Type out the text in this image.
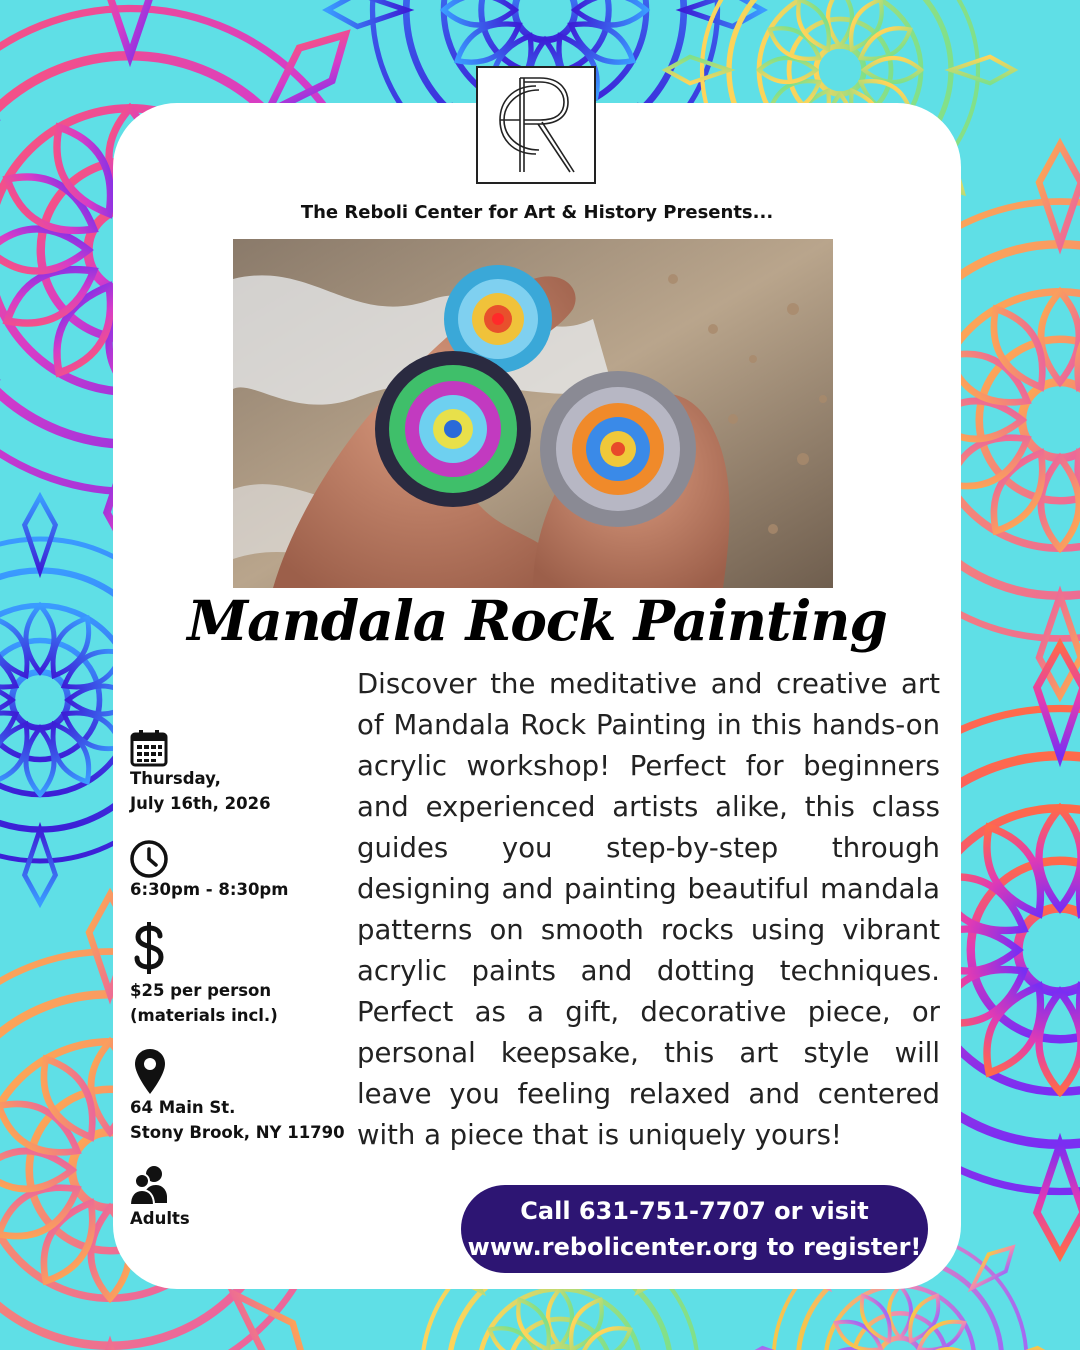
The Reboli Center for Art & History Presents...
Mandala Rock Painting

Discover the meditative and creative art of Mandala Rock Painting in this hands-on acrylic workshop! Perfect for beginners and experienced artists alike, this class guides you step-by-step through designing and painting beautiful mandala patterns on smooth rocks using vibrant acrylic paints and dotting techniques. Perfect as a gift, decorative piece, or personal keepsake, this art style will leave you feeling relaxed and centered with a piece that is uniquely yours!

Thursday,
July 16th, 2026
6:30pm - 8:30pm
$25 per person
(materials incl.)
64 Main St.
Stony Brook, NY 11790
Adults	Call 631-751-7707 or visit
www.rebolicenter.org to register!
